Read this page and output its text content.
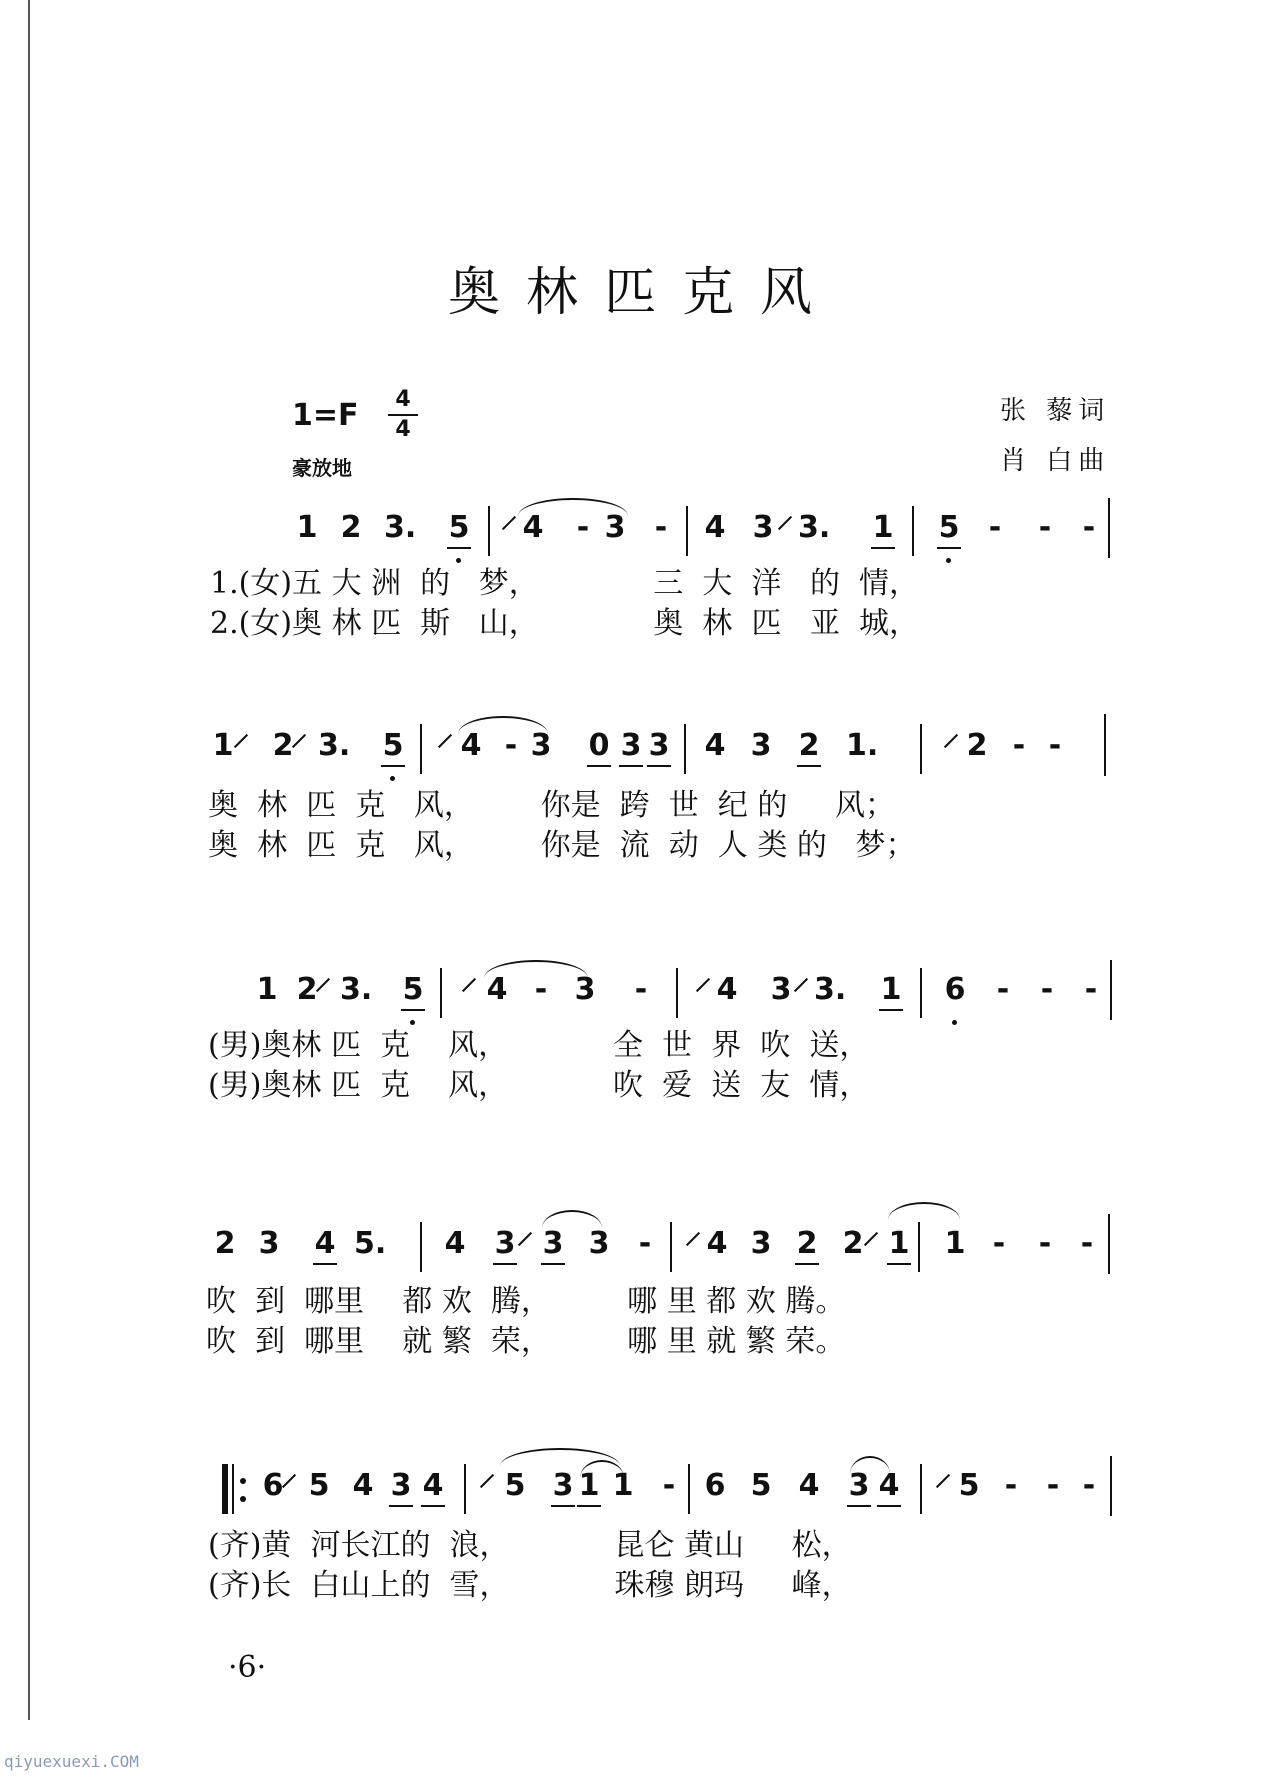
奥林匹克风
1=F	4
4
豪放地
张 藜词
肖 白曲
1 2 3. 5 4 - 3 - 4 3 3. 1 5 - - -
1.(女)五 大 洲  的   梦，            三  大  洋   的  情，
2.(女)奥 林 匹  斯   山，            奥  林  匹   亚  城，
1 2 3. 5 4 - 3 0 3 3 4 3 2 1.	2 - -
奥  林  匹  克   风，       你是  跨  世  纪 的     风；
奥  林  匹  克   风，       你是  流  动  人 类 的   梦；
1 2 3. 5 4 - 3 - 4 3 3. 1 6 - - -
(男)奥林 匹  克    风，           全  世  界  吹  送，
(男)奥林 匹  克    风，           吹  爱  送  友  情，
2 3 4 5. 4 3 3 3 - 4 3 2 2 1 1 - - -
吹  到  哪里    都 欢  腾，        哪 里 都 欢 腾。
吹  到  哪里    就 繁  荣，        哪 里 就 繁 荣。
6 5 4 3 4 5 3 1 1 - 6 5 4 3 4 5 - - -
(齐)黄  河长江的  浪，           昆仑 黄山     松，
(齐)长  白山上的  雪，           珠穆 朗玛     峰，
·6·
qiyuexuexi.COM
